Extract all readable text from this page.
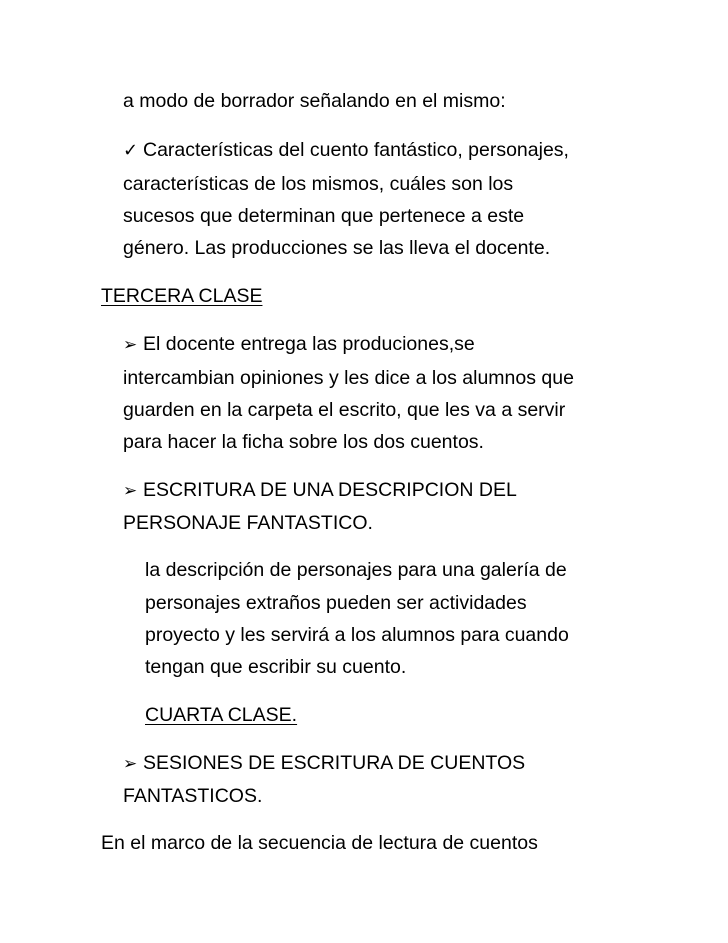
a modo de borrador señalando en el mismo:
✓ Características del cuento fantástico, personajes,
características de los mismos, cuáles son los
sucesos que determinan que pertenece a este
género. Las producciones se las lleva el docente.
TERCERA CLASE
➢ El docente entrega las produciones,se
intercambian opiniones y les dice a los alumnos que
guarden en la carpeta el escrito, que les va a servir
para hacer la ficha sobre los dos cuentos.
➢ ESCRITURA DE UNA DESCRIPCION DEL
PERSONAJE FANTASTICO.
la descripción de personajes para una galería de
personajes extraños pueden ser actividades
proyecto y les servirá a los alumnos para cuando
tengan que escribir su cuento.
CUARTA CLASE.
➢ SESIONES DE ESCRITURA DE CUENTOS
FANTASTICOS.
En el marco de la secuencia de lectura de cuentos
